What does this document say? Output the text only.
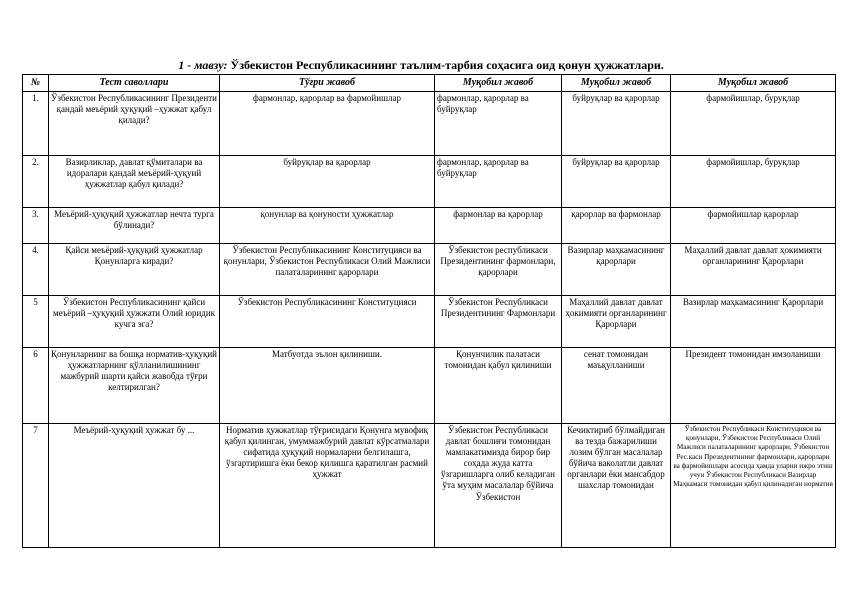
1 - мавзу: Ўзбекистон Республикасининг таълим-тарбия соҳасига оид қонун ҳужжатлари.
№	Тест саволлари	Тўғри жавоб	Муқобил жавоб	Муқобил жавоб	Муқобил жавоб
1.	Ўзбекистон Республикасининг Президенти қандай меъёрий ҳуқуқий –ҳужжат қабул қилади?	фармонлар, қарорлар ва фармойишлар	фармонлар, қарорлар ва буйруқлар	буйруқлар ва қарорлар	фармойишлар, буруқлар
2.	Вазирликлар, давлат қўмиталари ва идоралари қандай меъёрий-ҳуқуий ҳужжатлар қабул қилади?	буйруқлар ва қарорлар	фармонлар, қарорлар ва буйруқлар	буйруқлар ва қарорлар	фармойишлар, буруқлар
3.	Меъёрий-ҳуқуқий ҳужжатлар нечта турга бўлинади?	қонунлар ва қонуности ҳужжатлар	фармонлар ва қарорлар	қарорлар ва фармонлар	фармойишлар қарорлар
4.	Қайси меъёрий-ҳуқуқий ҳужжатлар Қонунларга киради?	Ўзбекистон Республикасининг Конституцияси ва қонунлари, Ўзбекистон Республикаси Олий Мажлиси палаталарининг қарорлари	Ўзбекистон республикаси Президентининг фармонлари, қарорлари	Вазирлар маҳкамасининг қарорлари	Маҳаллий давлат давлат ҳокимияти органларининг Қарорлари
5	Ўзбекистон Республикасининг қайси меъёрий –ҳуқуқий ҳужжати Олий юридик кучга эга?	Ўзбекистон Республикасининг Конституцияси	Ўзбекистон Республикаси Президентининг Фармонлари	Маҳаллий давлат давлат ҳокимияти органларининг Қарорлари	Вазирлар маҳкамасининг Қарорлари
6	Қонунларнинг ва бошқа норматив-ҳуқуқий ҳужжатларнинг қўлланилишининг мажбурий шарти қайси жавобда тўғри келтирилган?	Матбуотда эълон қилиниши.	Қонунчилик палатаси томонидан қабул қилиниши	сенат томонидан маъқулланиши	Президент томонидан имзоланиши
7	Меъёрий-ҳуқуқий ҳужжат бу ...	Норматив ҳужжатлар тўғрисидаги Қонунга мувофиқ қабул қилинган, умуммажбурий давлат кўрсатмалари сифатида ҳуқуқий нормаларни белгилашга, ўзгартиришга ёки бекор қилишга қаратилган расмий ҳужжат	Ўзбекистон Республикаси давлат бошлиғи томонидан мамлакатимизда бирор бир соҳада жуда катта ўзгаришларга олиб келадиган ўта муҳим масалалар бўйича Ўзбекистон	Кечиктириб бўлмайдиган ва тезда бажарилиши лозим бўлган масалалар бўйича ваколатли давлат органлари ёки мансабдор шахслар томонидан	Ўзбекистон Республикаси Конституцияси ва қонунлари, Ўзбекистон Республикаси Олий Мажлиси палаталарининг қарорлари, Ўзбекистон Рес.каси Президентининг фармонлари, қарорлари ва фармойишлари асосида ҳамда уларни ижро этиш учун Ўзбекистон Республикаси Вазирлар Маҳкамаси томонидан қабул қилинадиган норматив
